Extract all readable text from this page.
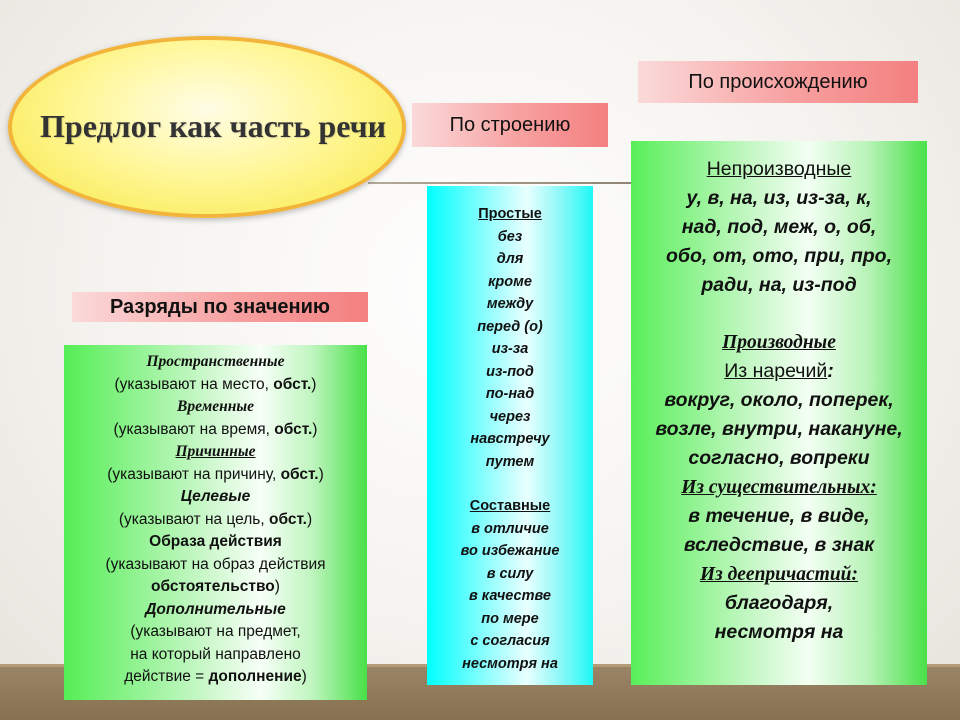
Предлог как часть речи	По строению
По происхождению
Разряды по значению
Пространственные
(указывают на место, обст.)
Временные
(указывают на время, обст.)
Причинные
(указывают на причину, обст.)
Целевые
(указывают на цель, обст.)
Образа действия
(указывают на образ действия
обстоятельство)
Дополнительные
(указывают на предмет,
на который направлено
действие = дополнение)
Простые
без
для
кроме
между
перед (о)
из-за
из-под
по-над
через
навстречу
путем
Составные
в отличие
во избежание
в силу
в качестве
по мере
с согласия
несмотря на
Непроизводные
у, в, на, из, из-за, к,
над, под, меж, о, об,
обо, от, ото, при, про,
ради, на, из-под
Производные
Из наречий:
вокруг, около, поперек,
возле, внутри, накануне,
согласно, вопреки
Из существительных:
в течение, в виде,
вследствие, в знак
Из деепричастий:
благодаря,
несмотря на
